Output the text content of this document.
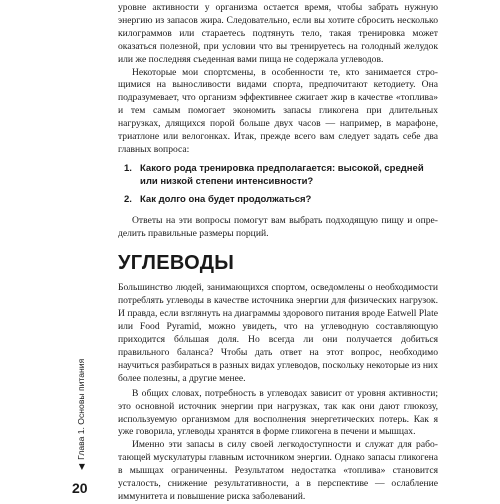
уровне активности у организма остается время, чтобы забрать нужную энергию из запасов жира. Следовательно, если вы хотите сбросить несколько килограммов или стараетесь подтянуть тело, такая тренировка может оказаться полезной, при условии что вы тренируетесь на голодный желудок или же последняя съеденная вами пища не содержала углеводов.

Некоторые мои спортсмены, в особенности те, кто занимается строщимися на выносливости видами спорта, предпочитают кетодиету. Она подразумевает, что организм эффективнее сжигает жир в качестве «топлива» и тем самым помогает экономить запасы гликогена при длительных нагрузках, длящихся порой больше двух часов — например, в марафоне, триатлоне или велогонках. Итак, прежде всего вам следует задать себе два главных вопроса:

1. Какого рода тренировка предполагается: высокой, средней или низкой степени интенсивности?
2. Как долго она будет продолжаться?

Ответы на эти вопросы помогут вам выбрать подходящую пищу и определить правильные размеры порций.

УГЛЕВОДЫ

Большинство людей, занимающихся спортом, осведомлены о необходимости потреблять углеводы в качестве источника энергии для физических нагрузок. И правда, если взглянуть на диаграммы здорового питания вроде Eatwell Plate или Food Pyramid, можно увидеть, что на углеводную составляющую приходится бóльшая доля. Но всегда ли они получается добиться правильного баланса? Чтобы дать ответ на этот вопрос, необходимо научиться разбираться в разных видах углеводов, поскольку некоторые из них более полезны, а другие менее.

В общих словах, потребность в углеводах зависит от уровня активности; это основной источник энергии при нагрузках, так как они дают глюкозу, используемую организмом для восполнения энергетических потерь. Как я уже говорила, углеводы хранятся в форме гликогена в печени и мышцах.

Именно эти запасы в силу своей легкодоступности и служат для работающей мускулатуры главным источником энергии. Однако запасы гликогена в мышцах ограниченны. Результатом недостатка «топлива» становится усталость, снижение результативности, а в перспективе — ослабление иммунитета и повышение риска заболеваний.

◀
Глава 1. Основы питания
20
